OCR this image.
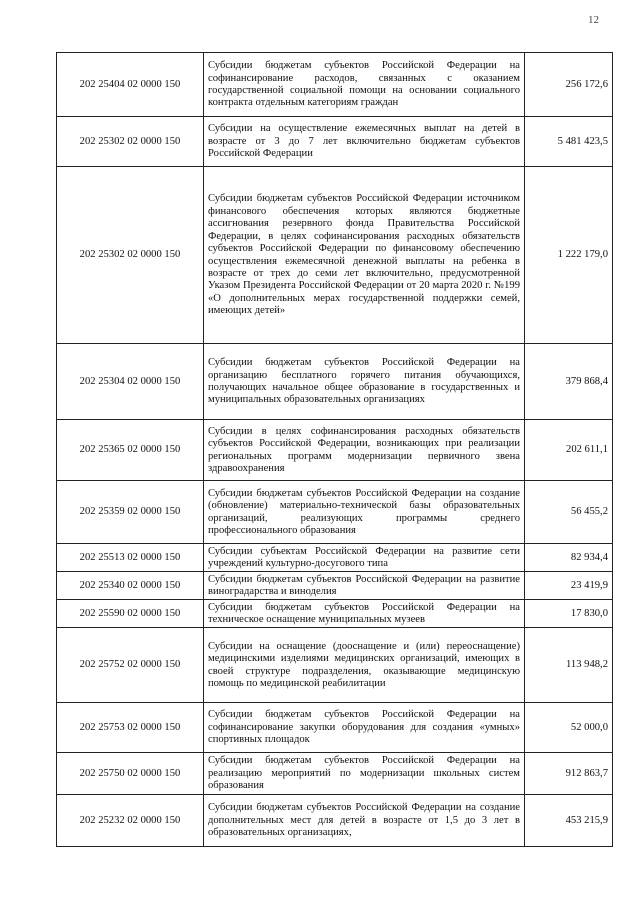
12
202 25404 02 0000 150	Субсидии бюджетам субъектов Российской Федерации на софинансирование расходов, связанных с оказанием государственной социальной помощи на основании социального контракта отдельным категориям граждан	256 172,6
202 25302 02 0000 150	Субсидии на осуществление ежемесячных выплат на детей в возрасте от 3 до 7 лет включительно бюджетам субъектов Российской Федерации	5 481 423,5
202 25302 02 0000 150	Субсидии бюджетам субъектов Российской Федерации источником финансового обеспечения которых являются бюджетные ассигнования резервного фонда Правительства Российской Федерации, в целях софинансирования расходных обязательств субъектов Российской Федерации по финансовому обеспечению осуществления ежемесячной денежной выплаты на ребенка в возрасте от трех до семи лет включительно, предусмотренной Указом Президента Российской Федерации от 20 марта 2020 г. №199 «О дополнительных мерах государственной поддержки семей, имеющих детей»	1 222 179,0
202 25304 02 0000 150	Субсидии бюджетам субъектов Российской Федерации на организацию бесплатного горячего питания обучающихся, получающих начальное общее образование в государственных и муниципальных образовательных организациях	379 868,4
202 25365 02 0000 150	Субсидии в целях софинансирования расходных обязательств субъектов Российской Федерации, возникающих при реализации региональных программ модернизации первичного звена здравоохранения	202 611,1
202 25359 02 0000 150	Субсидии бюджетам субъектов Российской Федерации на создание (обновление) материально-технической базы образовательных организаций, реализующих программы среднего профессионального образования	56 455,2
202 25513 02 0000 150	Субсидии субъектам Российской Федерации на развитие сети учреждений культурно-досугового типа	82 934,4
202 25340 02 0000 150	Субсидии бюджетам субъектов Российской Федерации на развитие виноградарства и виноделия	23 419,9
202 25590 02 0000 150	Субсидии бюджетам субъектов Российской Федерации на техническое оснащение муниципальных музеев	17 830,0
202 25752 02 0000 150	Субсидии на оснащение (дооснащение и (или) переоснащение) медицинскими изделиями медицинских организаций, имеющих в своей структуре подразделения, оказывающие медицинскую помощь по медицинской реабилитации	113 948,2
202 25753 02 0000 150	Субсидии бюджетам субъектов Российской Федерации на софинансирование закупки оборудования для создания «умных» спортивных площадок	52 000,0
202 25750 02 0000 150	Субсидии бюджетам субъектов Российской Федерации на реализацию мероприятий по модернизации школьных систем образования	912 863,7
202 25232 02 0000 150	Субсидии бюджетам субъектов Российской Федерации на создание дополнительных мест для детей в возрасте от 1,5 до 3 лет в образовательных организациях,	453 215,9
